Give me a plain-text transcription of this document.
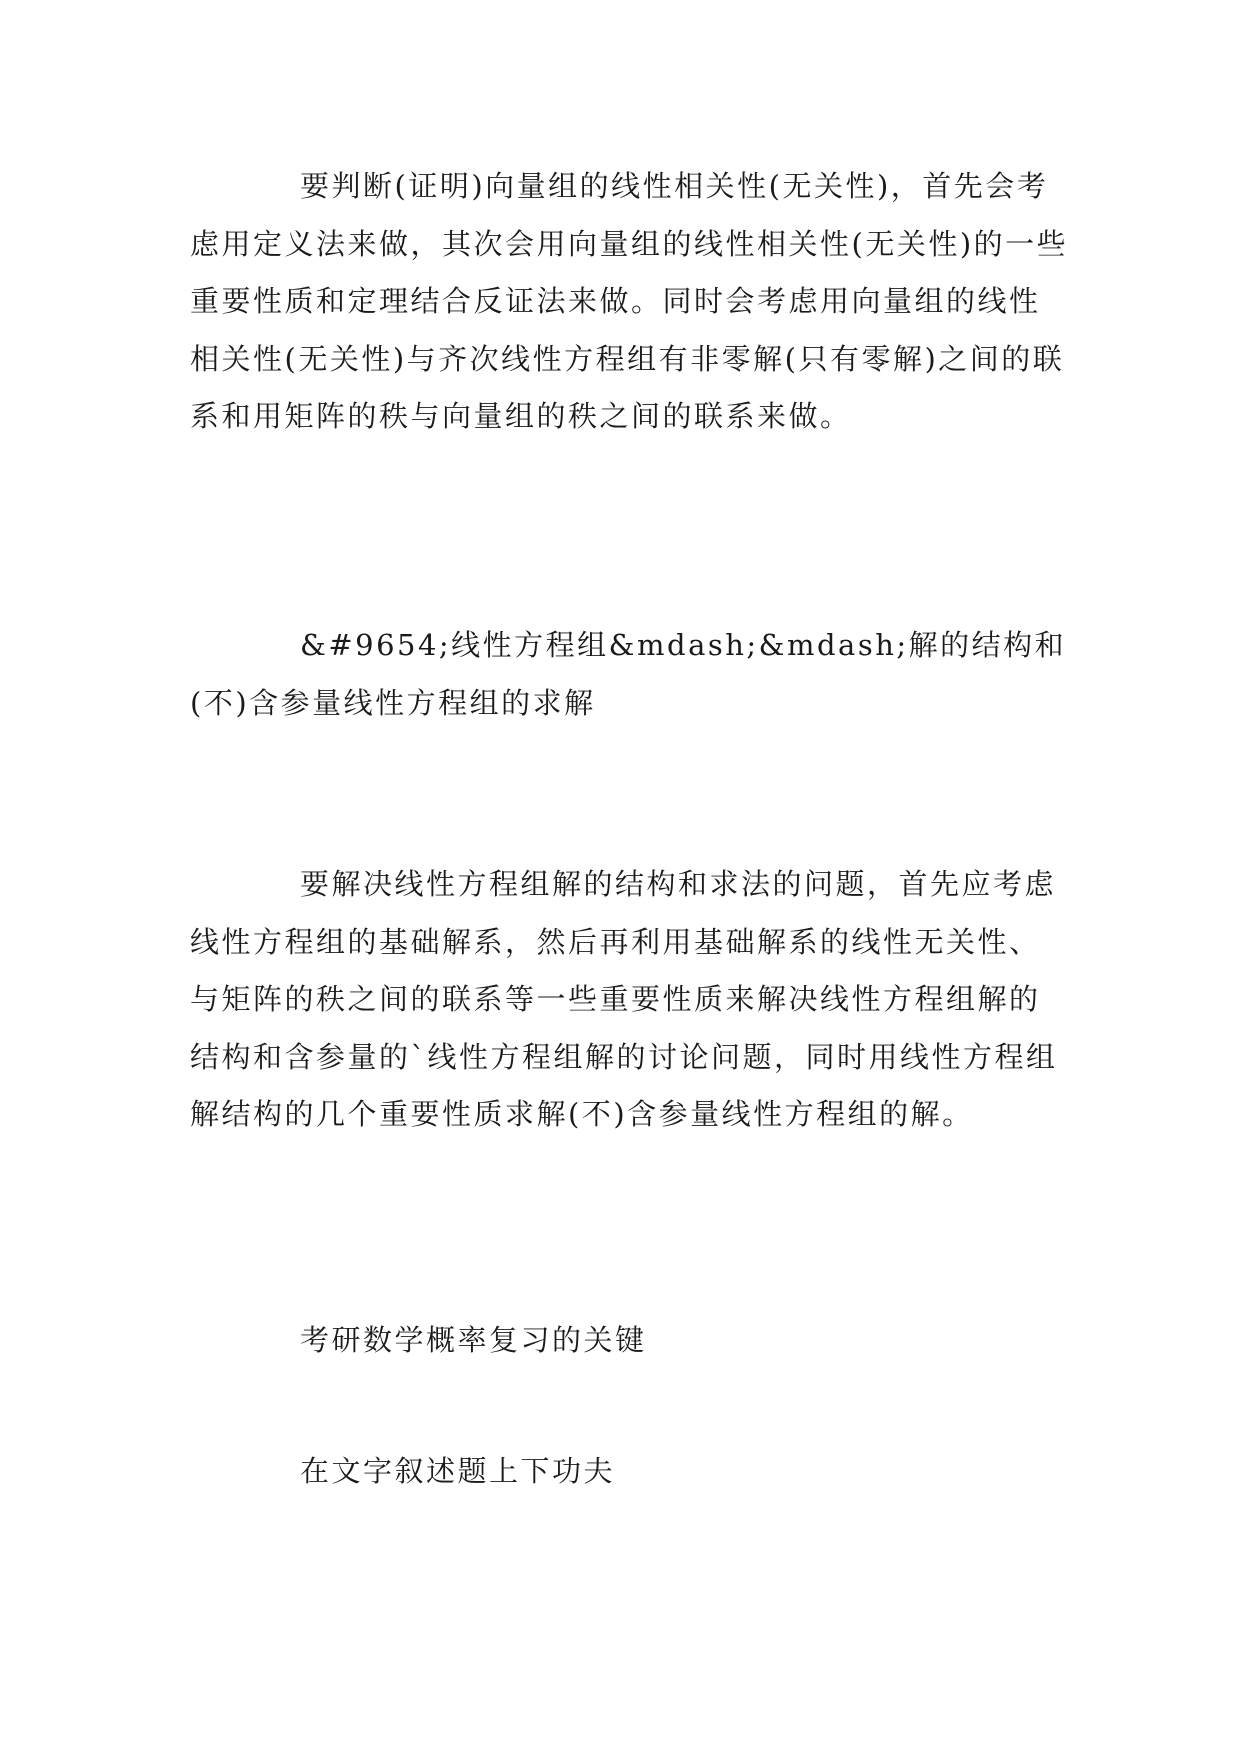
要判断(证明)向量组的线性相关性(无关性)，首先会考虑用定义法来做，其次会用向量组的线性相关性(无关性)的一些重要性质和定理结合反证法来做。同时会考虑用向量组的线性相关性(无关性)与齐次线性方程组有非零解(只有零解)之间的联系和用矩阵的秩与向量组的秩之间的联系来做。

&#9654;线性方程组&mdash;&mdash;解的结构和(不)含参量线性方程组的求解

要解决线性方程组解的结构和求法的问题，首先应考虑线性方程组的基础解系，然后再利用基础解系的线性无关性、与矩阵的秩之间的联系等一些重要性质来解决线性方程组解的结构和含参量的`线性方程组解的讨论问题，同时用线性方程组解结构的几个重要性质求解(不)含参量线性方程组的解。

考研数学概率复习的关键

在文字叙述题上下功夫
